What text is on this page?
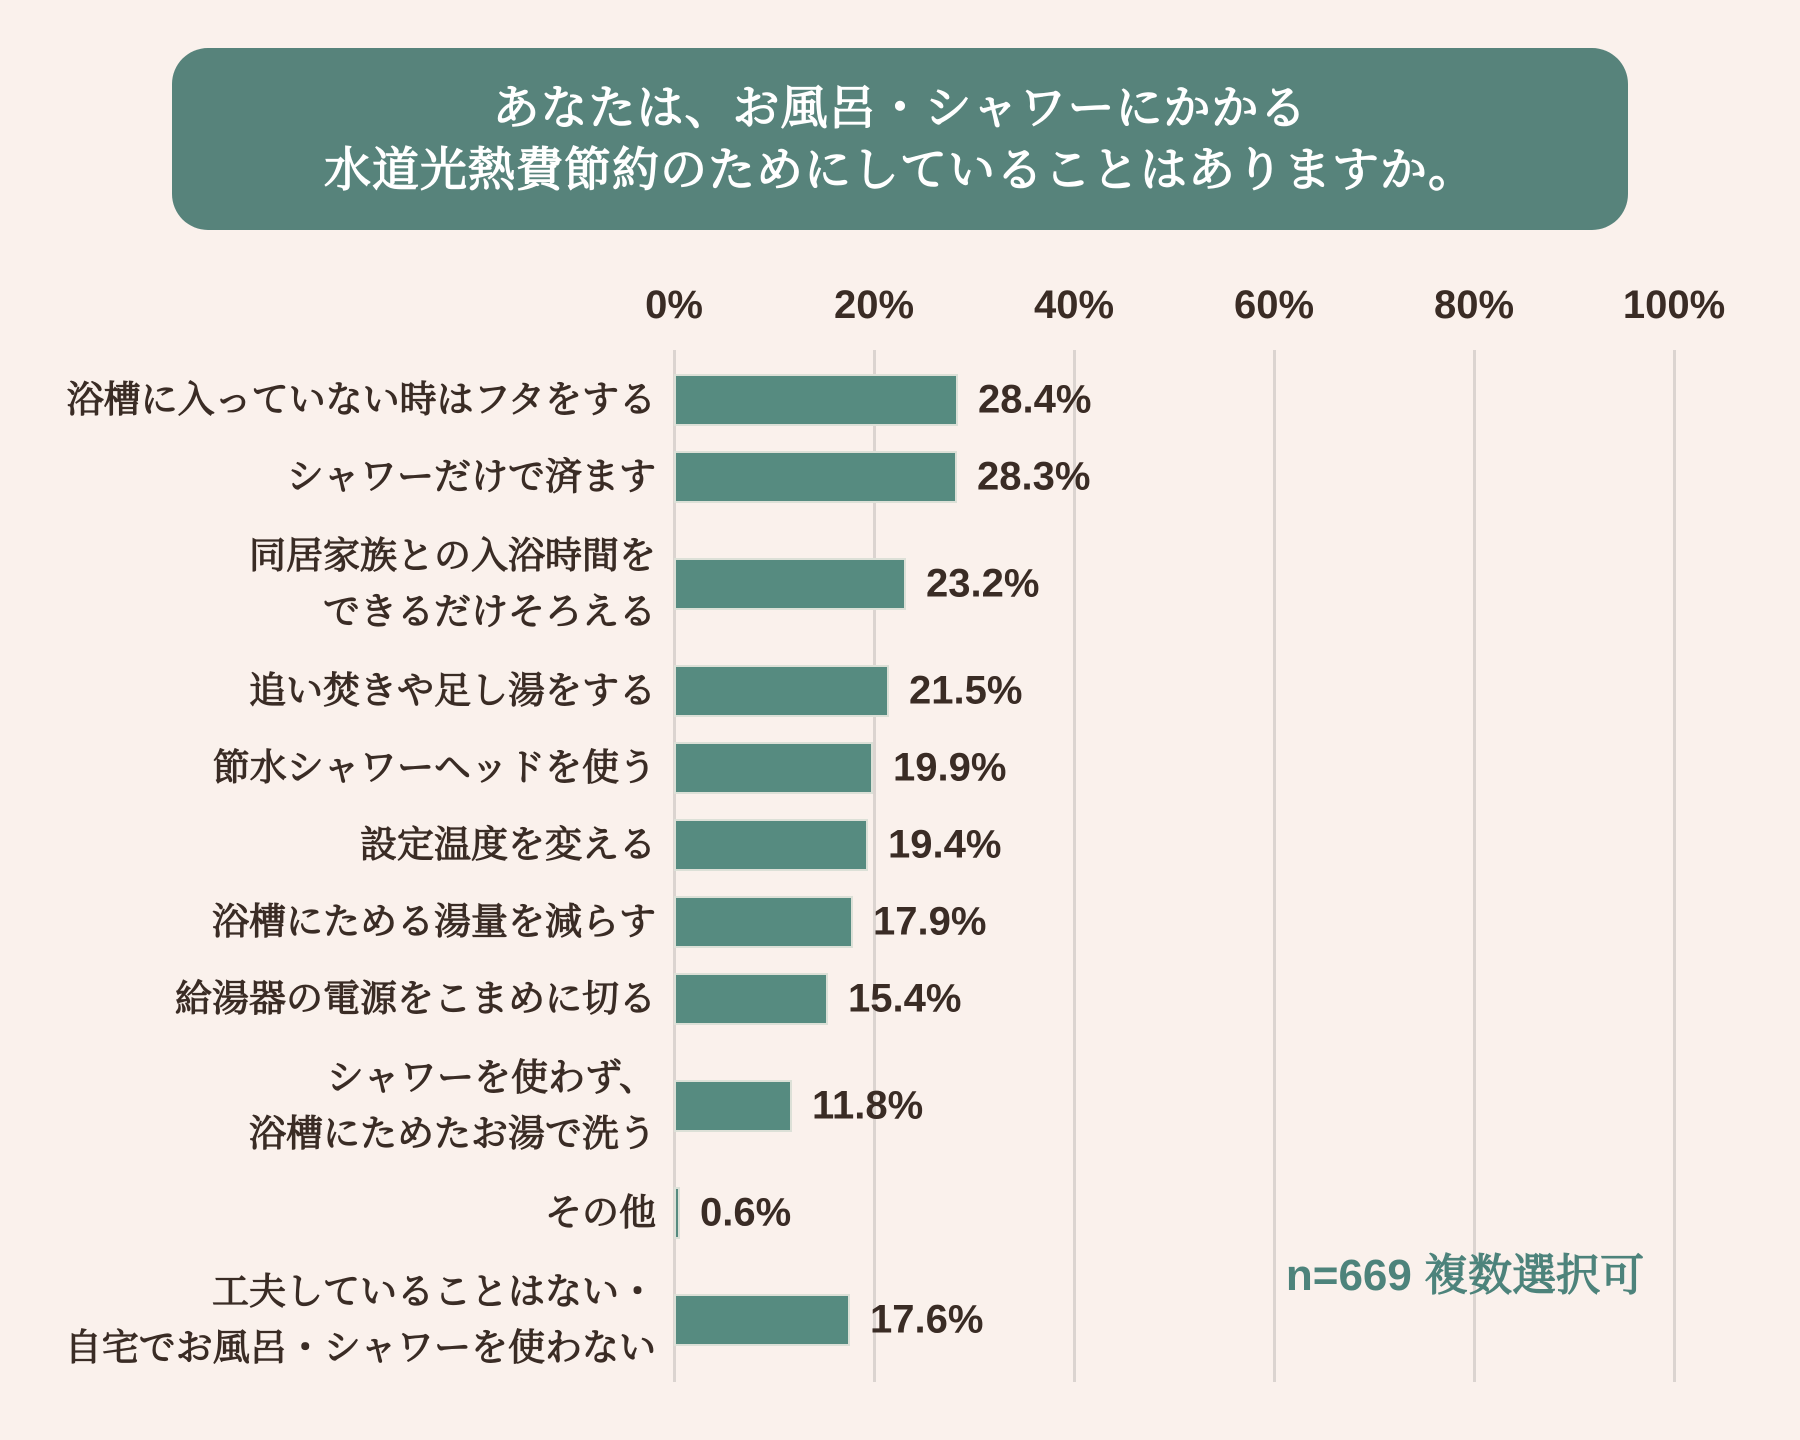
あなたは、お風呂・シャワーにかかる
水道光熱費節約のためにしていることはありますか。
0%	20%	40%	60%	80%	100%
浴槽に入っていない時はフタをする	28.4%
シャワーだけで済ます	28.3%
同居家族との入浴時間を
できるだけそろえる
23.2%
追い焚きや足し湯をする	21.5%
節水シャワーヘッドを使う	19.9%
設定温度を変える	19.4%
浴槽にためる湯量を減らす	17.9%
給湯器の電源をこまめに切る	15.4%
シャワーを使わず、
浴槽にためたお湯で洗う
11.8%
その他 0.6%
工夫していることはない・
自宅でお風呂・シャワーを使わない
17.6%
n=669 複数選択可
